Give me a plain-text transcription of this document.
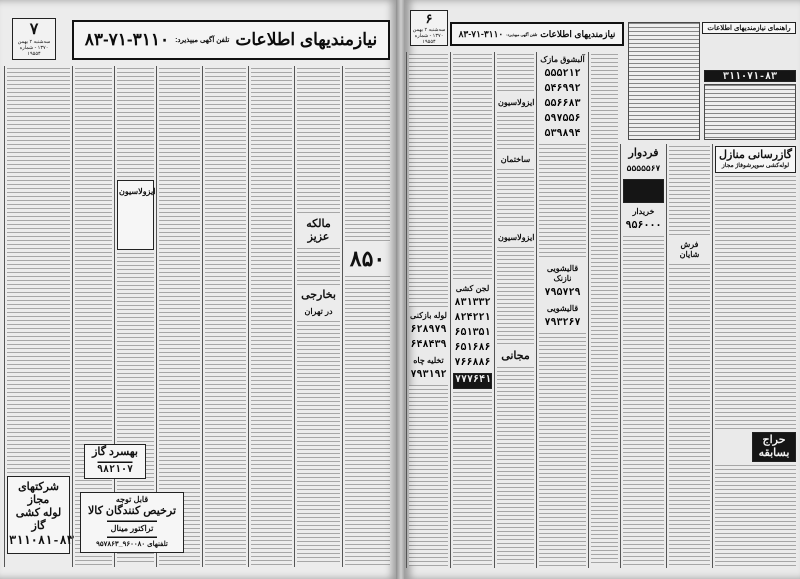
۷
سه‌شنبه ۲ بهمن ۱۳۷۰ - شماره ۱۹۵۵۴
نیازمندیهای اطلاعات
تلفن آگهی میپذیرد:
۸۳-۷۱-۳۱۱۰
شرکتهای مجاز
لوله کشی گاز
۳۱۱۰۸۱-۸۳
ایزولاسیون
مالکه عزیز
بخارجی
در تهران
۸۵۰
بهسرد گاز
▬▬▬▬▬▬▬
۹۸۲۱۰۷
قابل توجه
ترخیص کنندگان کالا
▬▬▬▬▬▬▬▬▬▬
تراکتور مینال
▬▬▬▬▬▬▬▬▬▬
تلفنهای ۹۶۰۰۸۰_۹۵۷۸۶۳
۶
سه‌شنبه ۲ بهمن ۱۳۷۰ - شماره ۱۹۵۵۴
نیازمندیهای اطلاعات
تلفن آگهی میپذیرد:
۸۳-۷۱-۳۱۱۰	راهنمای نیازمندیهای اطلاعات
۳۱۱۰۷۱-۸۳
لوله بازکنی
۶۲۸۹۷۹
۶۴۸۴۳۹
تخلیه چاه
۷۹۳۱۹۲
لجن کشی
۸۳۱۳۳۲
۸۲۴۲۲۱
۶۵۱۳۵۱
۶۵۱۶۸۶
۷۶۶۸۸۶
۷۷۷۶۴۱
ایزولاسیون
ساختمان
ایزولاسیون
مجانی
آلبشوق مازک
۵۵۵۲۱۲
۵۴۶۹۹۲
۵۵۶۶۸۳
۵۹۷۵۵۶
۵۳۹۸۹۴
قالیشویی نازنک
۷۹۵۷۲۹
قالیشویی
۷۹۳۲۶۷
فردوار
۵۵۵۵۵۶۷
خریدار
۹۵۶۰۰۰
فرش شایان
گازرسانی منازل
لوله‌کشی سوپرشوفاژ مجاز
حراج بسابقه
